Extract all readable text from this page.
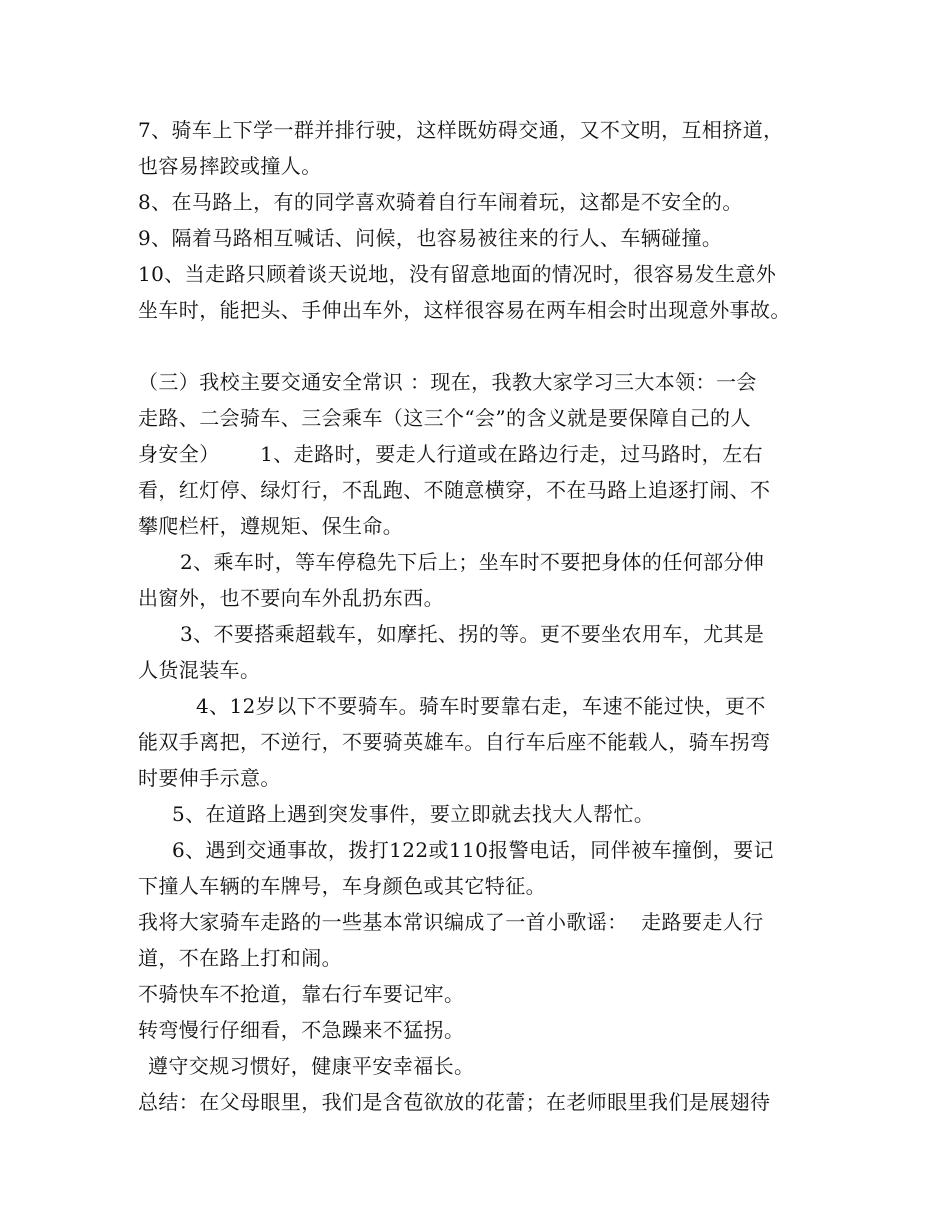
7、骑车上下学一群并排行驶，这样既妨碍交通，又不文明，互相挤道，
也容易摔跤或撞人。
8、在马路上，有的同学喜欢骑着自行车闹着玩，这都是不安全的。
9、隔着马路相互喊话、问候，也容易被往来的行人、车辆碰撞。
10、当走路只顾着谈天说地，没有留意地面的情况时，很容易发生意外
坐车时，能把头、手伸出车外，这样很容易在两车相会时出现意外事故。
（三）我校主要交通安全常识 ：现在，我教大家学习三大本领：一会
走路、二会骑车、三会乘车（这三个“会”的含义就是要保障自己的人
身安全）      1、走路时，要走人行道或在路边行走，过马路时，左右
看，红灯停、绿灯行，不乱跑、不随意横穿，不在马路上追逐打闹、不
攀爬栏杆，遵规矩、保生命。
2、乘车时，等车停稳先下后上；坐车时不要把身体的任何部分伸
出窗外，也不要向车外乱扔东西。
3、不要搭乘超载车，如摩托、拐的等。更不要坐农用车，尤其是
人货混装车。
4、12岁以下不要骑车。骑车时要靠右走，车速不能过快，更不
能双手离把，不逆行，不要骑英雄车。自行车后座不能载人，骑车拐弯
时要伸手示意。
5、在道路上遇到突发事件，要立即就去找大人帮忙。
6、遇到交通事故，拨打122或110报警电话，同伴被车撞倒，要记
下撞人车辆的车牌号，车身颜色或其它特征。
我将大家骑车走路的一些基本常识编成了一首小歌谣：  走路要走人行
道，不在路上打和闹。
不骑快车不抢道，靠右行车要记牢。
转弯慢行仔细看，不急躁来不猛拐。
遵守交规习惯好，健康平安幸福长。
总结：在父母眼里，我们是含苞欲放的花蕾；在老师眼里我们是展翅待
